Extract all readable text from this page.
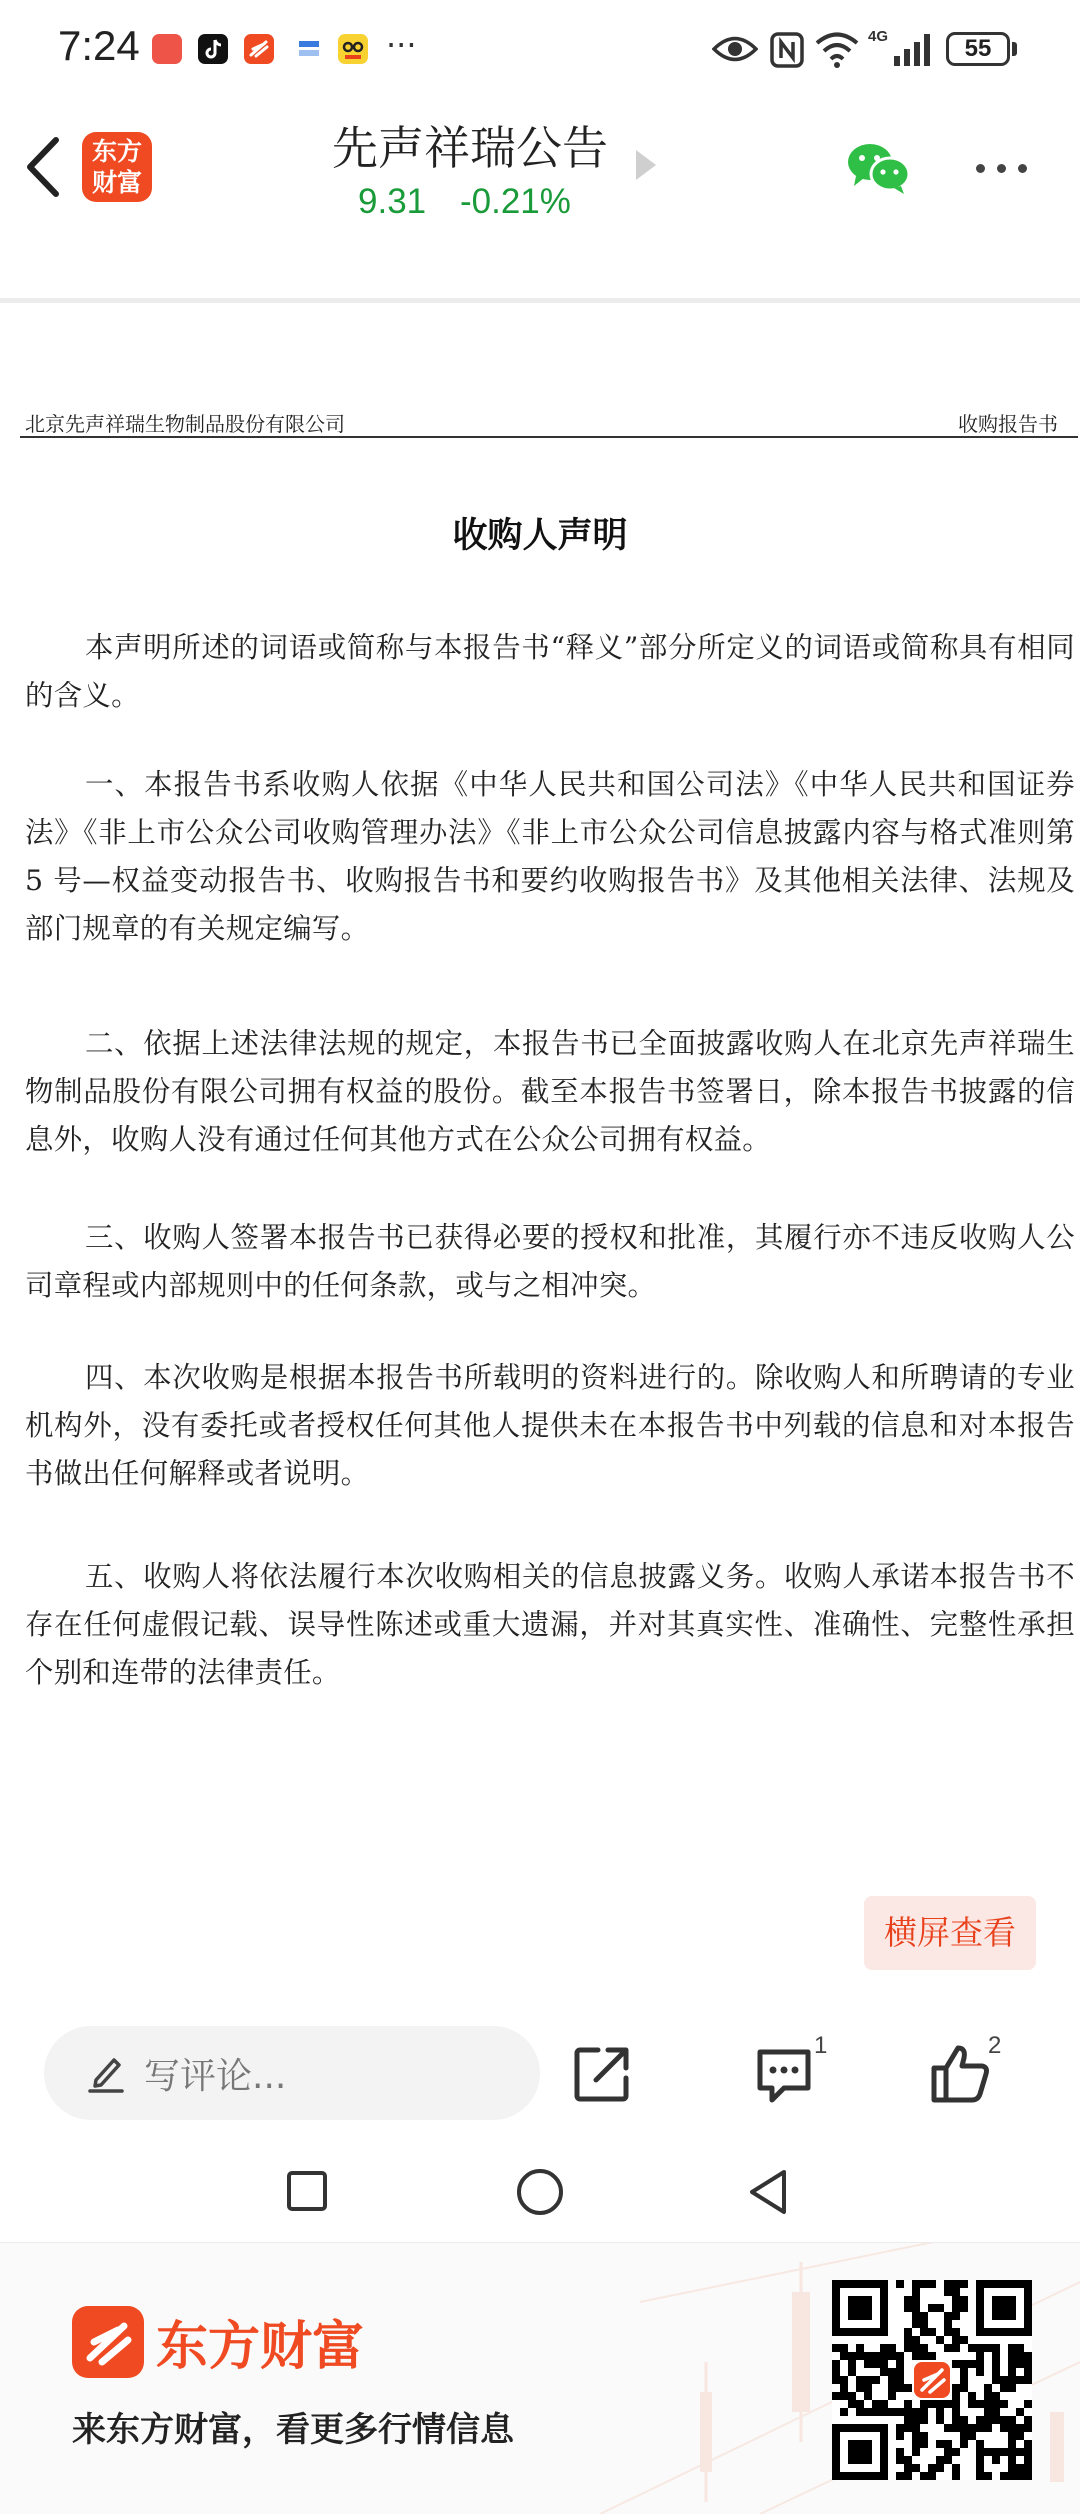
7:24	···	4G	55
东方
财富
先声祥瑞公告
9.31 -0.21%
北京先声祥瑞生物制品股份有限公司	收购报告书
收购人声明
本声明所述的词语或简称与本报告书“释义”部分所定义的词语或简称具有相同的含义。
一、本报告书系收购人依据《中华人民共和国公司法》《中华人民共和国证券法》《非上市公众公司收购管理办法》《非上市公众公司信息披露内容与格式准则第 5 号—权益变动报告书、收购报告书和要约收购报告书》及其他相关法律、法规及部门规章的有关规定编写。
二、依据上述法律法规的规定，本报告书已全面披露收购人在北京先声祥瑞生物制品股份有限公司拥有权益的股份。截至本报告书签署日，除本报告书披露的信息外，收购人没有通过任何其他方式在公众公司拥有权益。
三、收购人签署本报告书已获得必要的授权和批准，其履行亦不违反收购人公司章程或内部规则中的任何条款，或与之相冲突。
四、本次收购是根据本报告书所载明的资料进行的。除收购人和所聘请的专业机构外，没有委托或者授权任何其他人提供未在本报告书中列载的信息和对本报告书做出任何解释或者说明。
五、收购人将依法履行本次收购相关的信息披露义务。收购人承诺本报告书不存在任何虚假记载、误导性陈述或重大遗漏，并对其真实性、准确性、完整性承担个别和连带的法律责任。
横屏查看
写评论...
1	2
东方财富
来东方财富，看更多行情信息
